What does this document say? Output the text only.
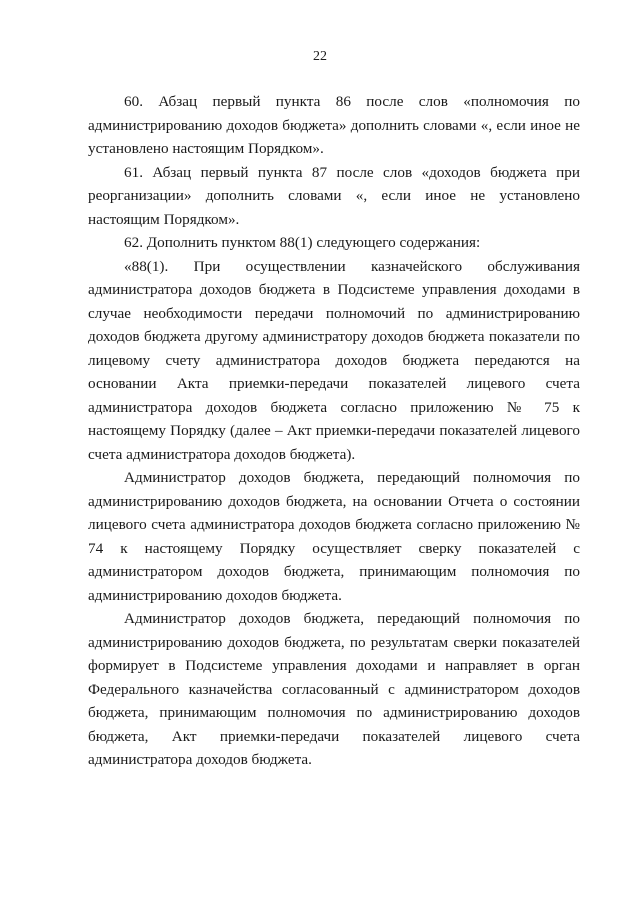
22

60. Абзац первый пункта 86 после слов «полномочия по администрированию доходов бюджета» дополнить словами «, если иное не установлено настоящим Порядком».

61. Абзац первый пункта 87 после слов «доходов бюджета при реорганизации» дополнить словами «, если иное не установлено настоящим Порядком».

62. Дополнить пунктом 88(1) следующего содержания:

«88(1). При осуществлении казначейского обслуживания администратора доходов бюджета в Подсистеме управления доходами в случае необходимости передачи полномочий по администрированию доходов бюджета другому администратору доходов бюджета показатели по лицевому счету администратора доходов бюджета передаются на основании Акта приемки-передачи показателей лицевого счета администратора доходов бюджета согласно приложению № 75 к настоящему Порядку (далее – Акт приемки-передачи показателей лицевого счета администратора доходов бюджета).

Администратор доходов бюджета, передающий полномочия по администрированию доходов бюджета, на основании Отчета о состоянии лицевого счета администратора доходов бюджета согласно приложению № 74 к настоящему Порядку осуществляет сверку показателей с администратором доходов бюджета, принимающим полномочия по администрированию доходов бюджета.

Администратор доходов бюджета, передающий полномочия по администрированию доходов бюджета, по результатам сверки показателей формирует в Подсистеме управления доходами и направляет в орган Федерального казначейства согласованный с администратором доходов бюджета, принимающим полномочия по администрированию доходов бюджета, Акт приемки-передачи показателей лицевого счета администратора доходов бюджета.
